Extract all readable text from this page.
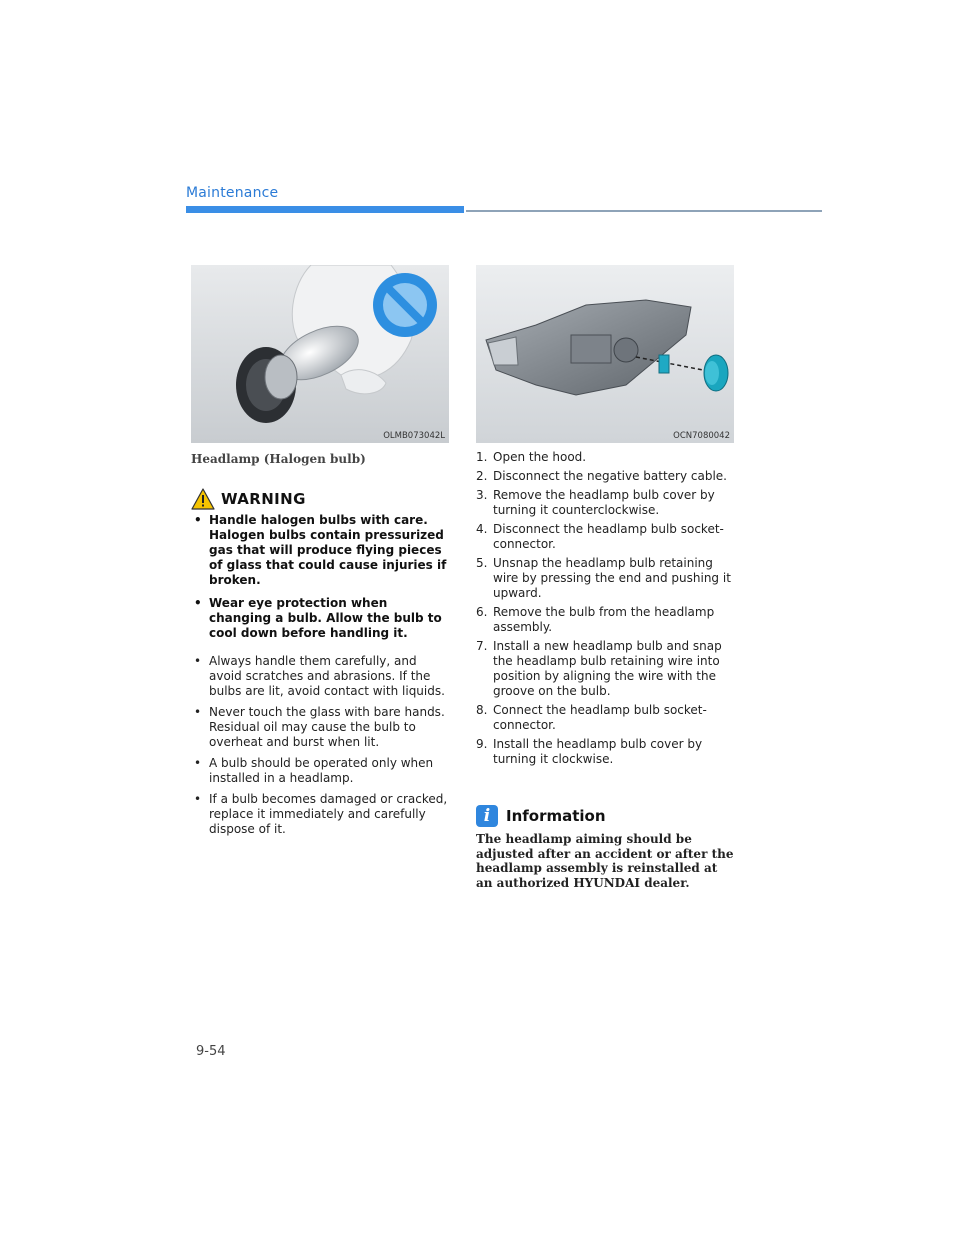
Maintenance
OLMB073042L	OCN7080042
Headlamp (Halogen bulb)
WARNING
• Handle halogen bulbs with care. Halogen bulbs contain pressurized gas that will produce flying pieces of glass that could cause injuries if broken.
• Wear eye protection when changing a bulb. Allow the bulb to cool down before handling it.
• Always handle them carefully, and avoid scratches and abrasions. If the bulbs are lit, avoid contact with liquids.
• Never touch the glass with bare hands. Residual oil may cause the bulb to overheat and burst when lit.
• A bulb should be operated only when installed in a headlamp.
• If a bulb becomes damaged or cracked, replace it immediately and carefully dispose of it.
1. Open the hood.
2. Disconnect the negative battery cable.
3. Remove the headlamp bulb cover by turning it counterclockwise.
4. Disconnect the headlamp bulb socket-connector.
5. Unsnap the headlamp bulb retaining wire by pressing the end and pushing it upward.
6. Remove the bulb from the headlamp assembly.
7. Install a new headlamp bulb and snap the headlamp bulb retaining wire into position by aligning the wire with the groove on the bulb.
8. Connect the headlamp bulb socket-connector.
9. Install the headlamp bulb cover by turning it clockwise.
i	Information
The headlamp aiming should be adjusted after an accident or after the headlamp assembly is reinstalled at an authorized HYUNDAI dealer.
9-54
